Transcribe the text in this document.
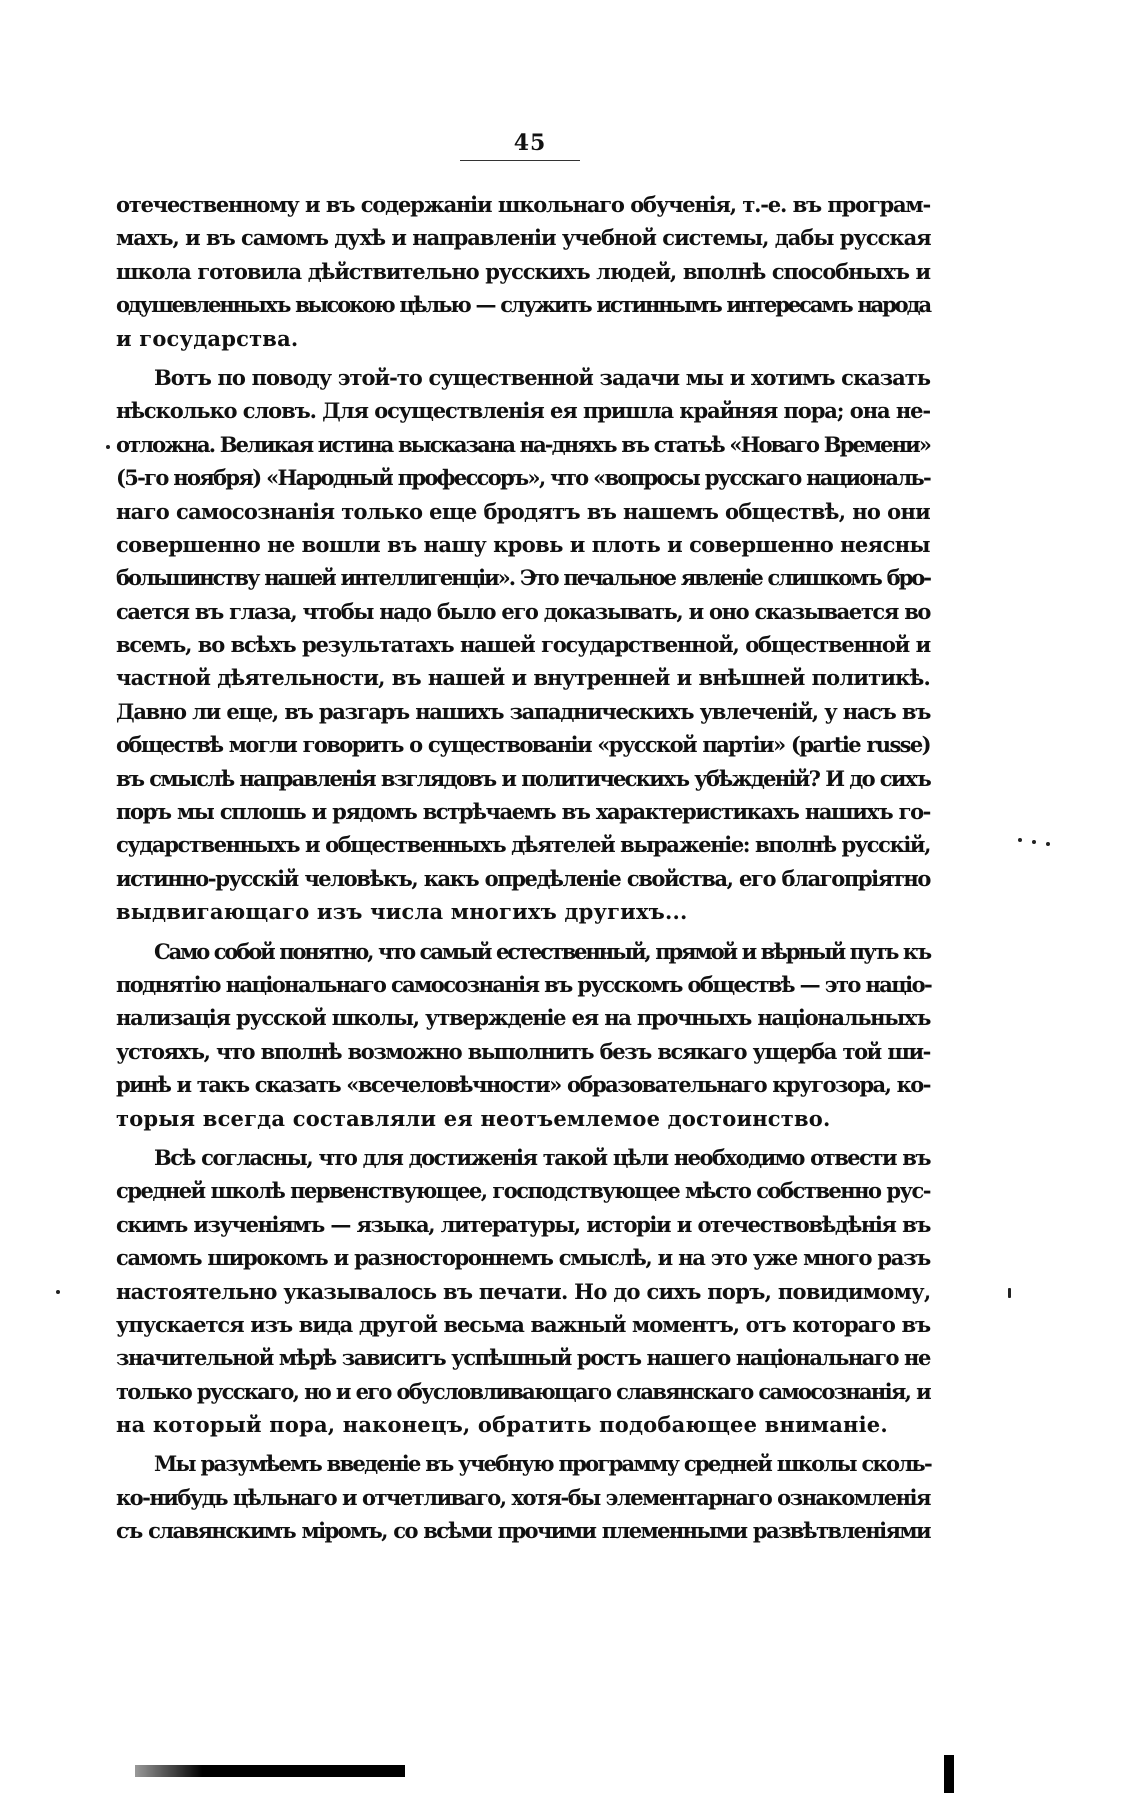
45
отечественному и въ содержаніи школьнаго обученія, т.-е. въ програм-
махъ, и въ самомъ духѣ и направленіи учебной системы, дабы русская
школа готовила дѣйствительно русскихъ людей, вполнѣ способныхъ и
одушевленныхъ высокою цѣлью — служить истиннымъ интересамъ народа
и государства.
Вотъ по поводу этой-то существенной задачи мы и хотимъ сказать
нѣсколько словъ. Для осуществленія ея пришла крайняя пора; она не-
отложна. Великая истина высказана на-дняхъ въ статьѣ «Новаго Времени»
(5-го ноября) «Народный профессоръ», что «вопросы русскаго националь-
наго самосознанія только еще бродятъ въ нашемъ обществѣ, но они
совершенно не вошли въ нашу кровь и плоть и совершенно неясны
большинству нашей интеллигенціи». Это печальное явленіе слишкомъ бро-
сается въ глаза, чтобы надо было его доказывать, и оно сказывается во
всемъ, во всѣхъ результатахъ нашей государственной, общественной и
частной дѣятельности, въ нашей и внутренней и внѣшней политикѣ.
Давно ли еще, въ разгаръ нашихъ западническихъ увлеченій, у насъ въ
обществѣ могли говорить о существованіи «русской партіи» (partie russe)
въ смыслѣ направленія взглядовъ и политическихъ убѣжденій? И до сихъ
поръ мы сплошь и рядомъ встрѣчаемъ въ характеристикахъ нашихъ го-
сударственныхъ и общественныхъ дѣятелей выраженіе: вполнѣ русскій,
истинно-русскій человѣкъ, какъ опредѣленіе свойства, его благопріятно
выдвигающаго изъ числа многихъ другихъ...
Само собой понятно, что самый естественный, прямой и вѣрный путь къ
поднятію національнаго самосознанія въ русскомъ обществѣ — это націо-
нализація русской школы, утвержденіе ея на прочныхъ національныхъ
устояхъ, что вполнѣ возможно выполнить безъ всякаго ущерба той ши-
ринѣ и такъ сказать «всечеловѣчности» образовательнаго кругозора, ко-
торыя всегда составляли ея неотъемлемое достоинство.
Всѣ согласны, что для достиженія такой цѣли необходимо отвести въ
средней школѣ первенствующее, господствующее мѣсто собственно рус-
скимъ изученіямъ — языка, литературы, исторіи и отечествовѣдѣнія въ
самомъ широкомъ и разностороннемъ смыслѣ, и на это уже много разъ
настоятельно указывалось въ печати. Но до сихъ поръ, повидимому,
упускается изъ вида другой весьма важный моментъ, отъ котораго въ
значительной мѣрѣ зависитъ успѣшный ростъ нашего національнаго не
только русскаго, но и его обусловливающаго славянскаго самосознанія, и
на который пора, наконецъ, обратить подобающее вниманіе.
Мы разумѣемъ введеніе въ учебную программу средней школы сколь-
ко-нибудь цѣльнаго и отчетливаго, хотя-бы элементарнаго ознакомленія
съ славянскимъ міромъ, со всѣми прочими племенными развѣтвленіями
